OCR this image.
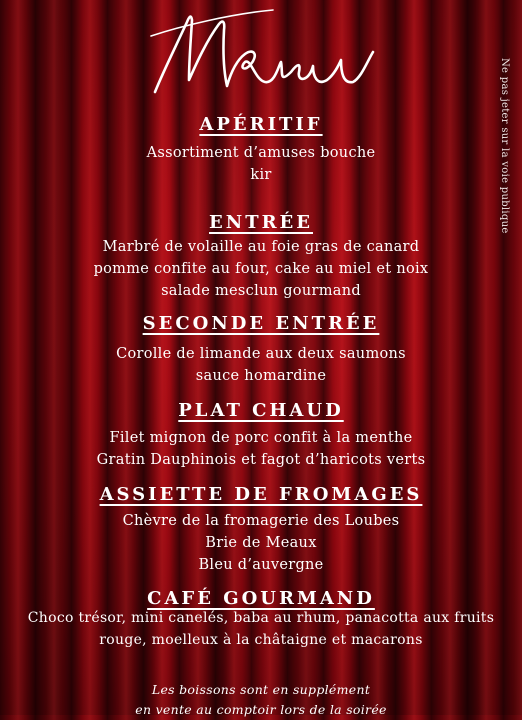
Ne pas jeter sur la voie publique
APÉRITIF
Assortiment d’amuses bouche
kir
ENTRÉE
Marbré de volaille au foie gras de canard
pomme confite au four, cake au miel et noix
salade mesclun gourmand
SECONDE ENTRÉE
Corolle de limande aux deux saumons
sauce homardine
PLAT CHAUD
Filet mignon de porc confit à la menthe
Gratin Dauphinois et fagot d’haricots verts
ASSIETTE DE FROMAGES
Chèvre de la fromagerie des Loubes
Brie de Meaux
Bleu d’auvergne
CAFÉ GOURMAND
Choco trésor, mini canelés, baba au rhum, panacotta aux fruits
rouge, moelleux à la châtaigne et macarons
Les boissons sont en supplément
en vente au comptoir lors de la soirée
